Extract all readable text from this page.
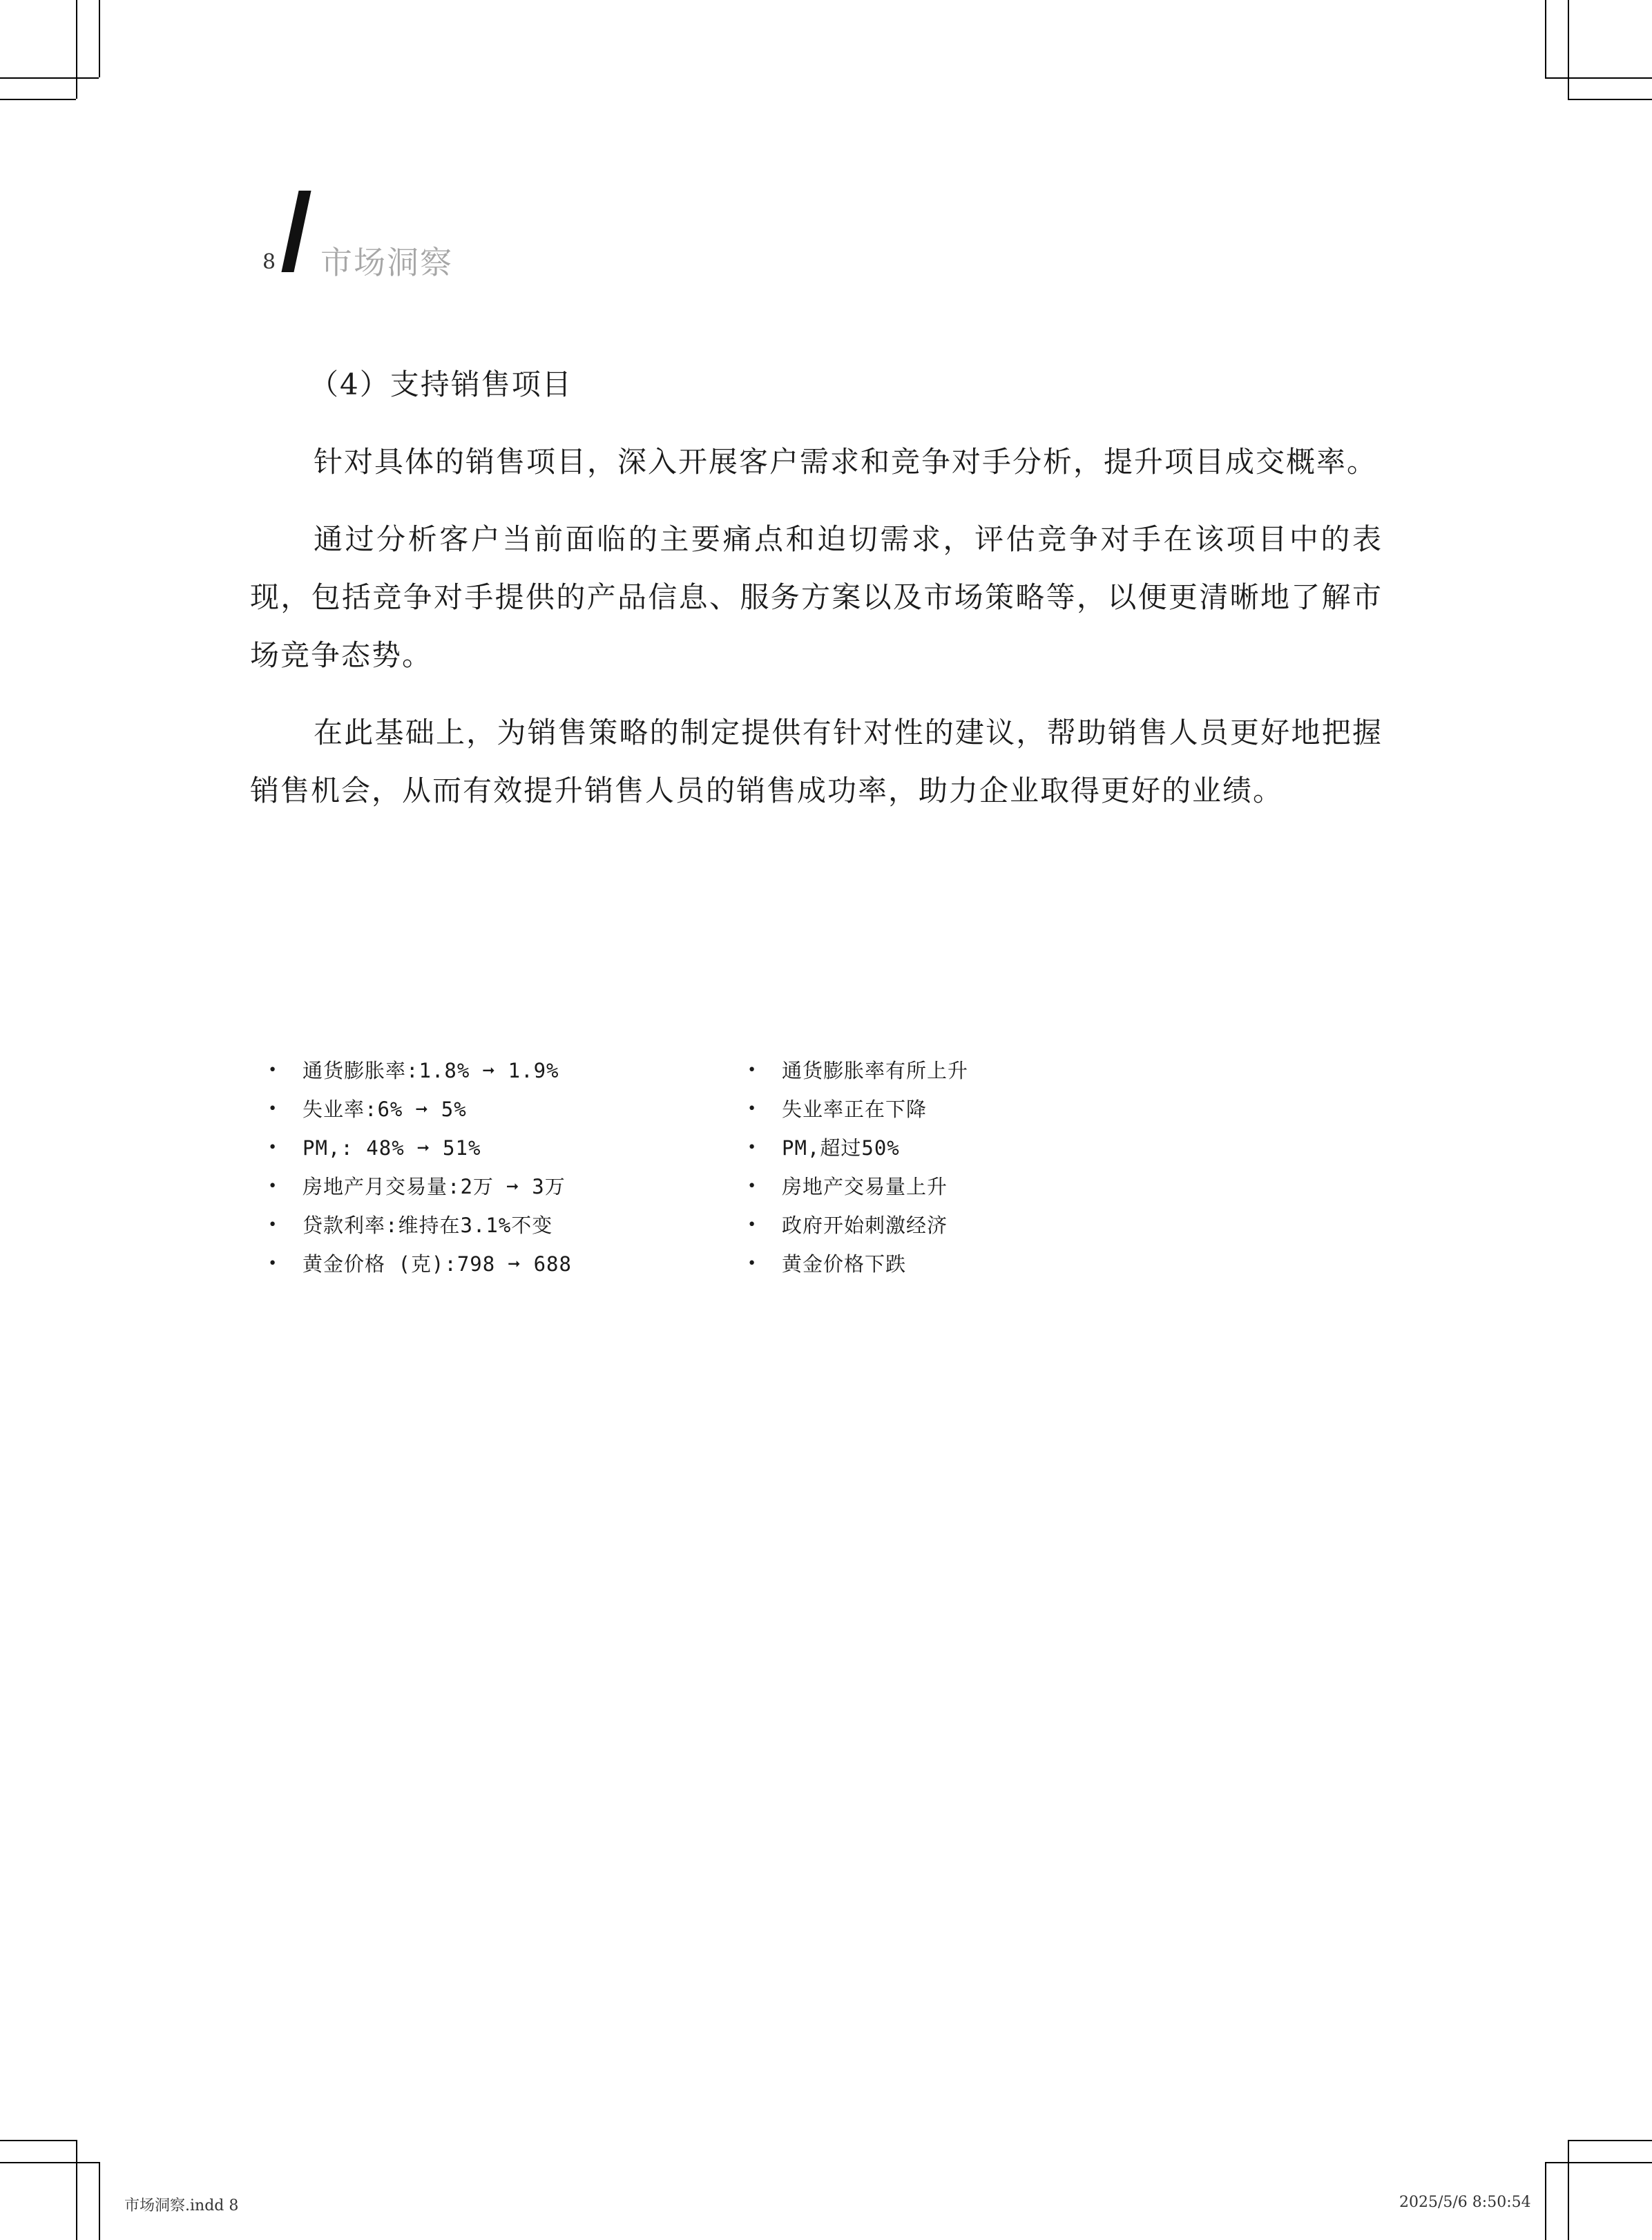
8 市场洞察

（4）支持销售项目

针对具体的销售项目，深入开展客户需求和竞争对手分析，提升项目成交概率。

通过分析客户当前面临的主要痛点和迫切需求，评估竞争对手在该项目中的表现，包括竞争对手提供的产品信息、服务方案以及市场策略等，以便更清晰地了解市场竞争态势。

在此基础上，为销售策略的制定提供有针对性的建议，帮助销售人员更好地把握销售机会，从而有效提升销售人员的销售成功率，助力企业取得更好的业绩。

• 通货膨胀率:1.8% ➞ 1.9%
• 失业率:6% ➞ 5%
• PM,: 48% ➞ 51%
• 房地产月交易量:2万 ➞ 3万
• 贷款利率:维持在3.1%不变
• 黄金价格 (克):798 ➞ 688
• 通货膨胀率有所上升
• 失业率正在下降
• PM,超过50%
• 房地产交易量上升
• 政府开始刺激经济
• 黄金价格下跌
市场洞察.indd 8	2025/5/6 8:50:54
